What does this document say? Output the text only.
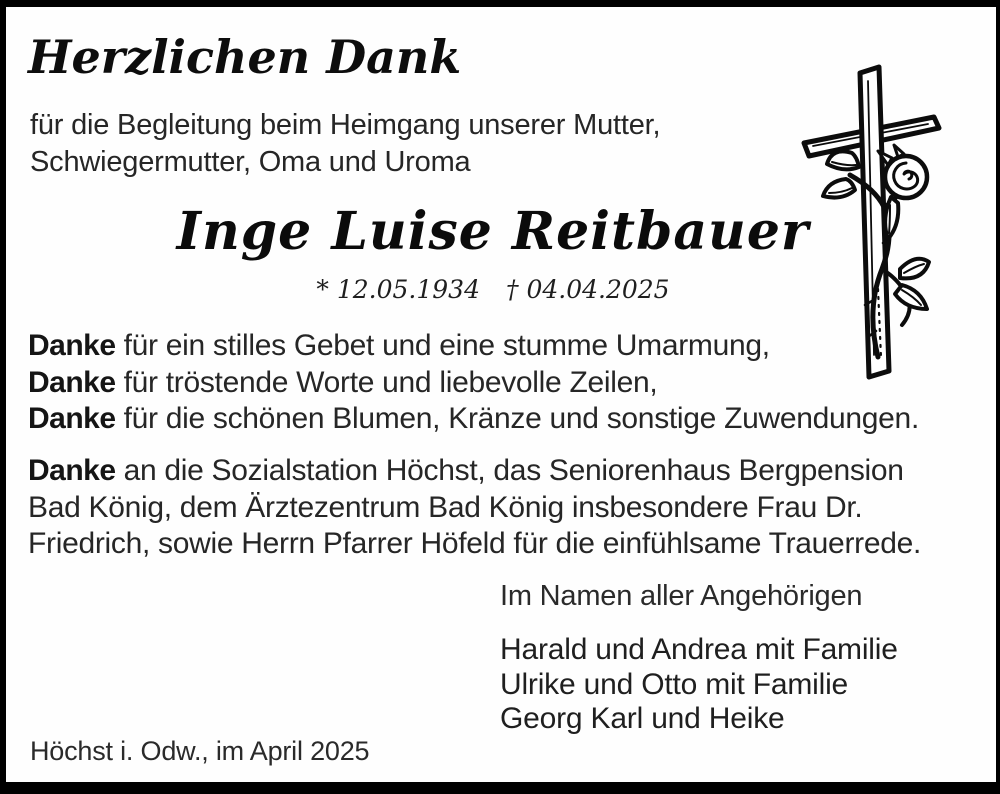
Herzlichen Dank
für die Begleitung beim Heimgang unserer Mutter,
Schwiegermutter, Oma und Uroma
Inge Luise Reitbauer
* 12.05.1934 † 04.04.2025
Danke für ein stilles Gebet und eine stumme Umarmung,
Danke für tröstende Worte und liebevolle Zeilen,
Danke für die schönen Blumen, Kränze und sonstige Zuwendungen.
Danke an die Sozialstation Höchst, das Seniorenhaus Bergpension
Bad König, dem Ärztezentrum Bad König insbesondere Frau Dr.
Friedrich, sowie Herrn Pfarrer Höfeld für die einfühlsame Trauerrede.
Im Namen aller Angehörigen
Harald und Andrea mit Familie
Ulrike und Otto mit Familie
Georg Karl und Heike
Höchst i. Odw., im April 2025
